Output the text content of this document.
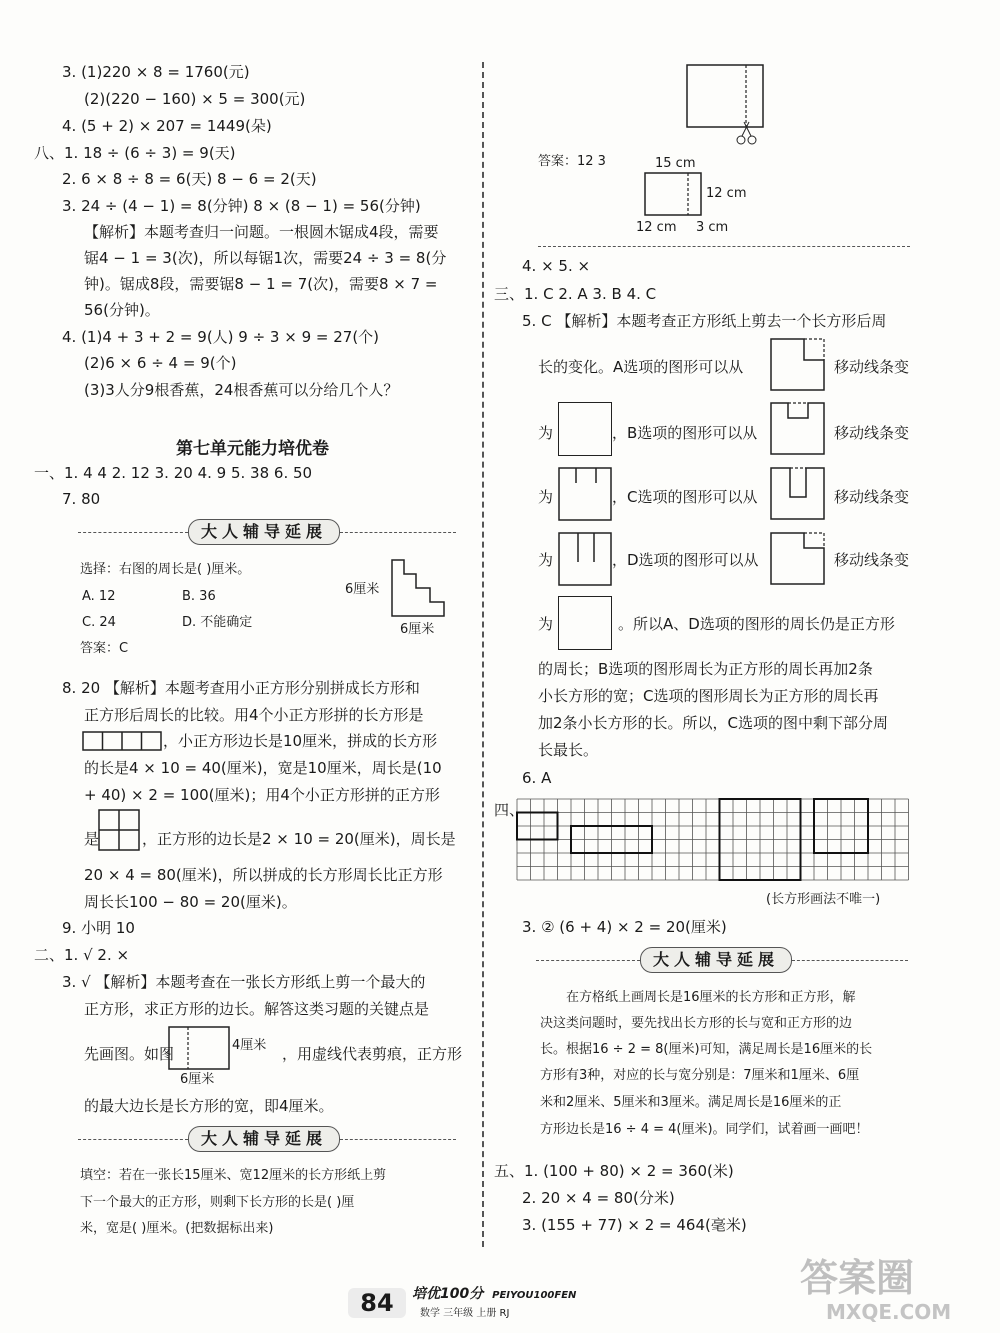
3. (1)220 × 8 = 1760(元)
(2)(220 − 160) × 5 = 300(元)
4. (5 + 2) × 207 = 1449(朵)
八、1. 18 ÷ (6 ÷ 3) = 9(天)
2. 6 × 8 ÷ 8 = 6(天) 8 − 6 = 2(天)
3. 24 ÷ (4 − 1) = 8(分钟) 8 × (8 − 1) = 56(分钟)
【解析】本题考查归一问题。一根圆木锯成4段，需要
锯4 − 1 = 3(次)，所以每锯1次，需要24 ÷ 3 = 8(分
钟)。锯成8段，需要锯8 − 1 = 7(次)，需要8 × 7 =
56(分钟)。
4. (1)4 + 3 + 2 = 9(人) 9 ÷ 3 × 9 = 27(个)
(2)6 × 6 ÷ 4 = 9(个)
(3)3人分9根香蕉，24根香蕉可以分给几个人？
第七单元能力培优卷
一、1. 4 4 2. 12 3. 20 4. 9 5. 38 6. 50
7. 80
大人辅导延展
选择：右图的周长是( )厘米。
A. 12	B. 36
C. 24	D. 不能确定
答案：C
6厘米
6厘米
8. 20 【解析】本题考查用小正方形分别拼成长方形和
正方形后周长的比较。用4个小正方形拼的长方形是
，小正方形边长是10厘米，拼成的长方形
的长是4 × 10 = 40(厘米)，宽是10厘米，周长是(10
+ 40) × 2 = 100(厘米)；用4个小正方形拼的正方形
是	，正方形的边长是2 × 10 = 20(厘米)，周长是
20 × 4 = 80(厘米)，所以拼成的长方形周长比正方形
周长长100 − 80 = 20(厘米)。
9. 小明 10
二、1. √ 2. ×
3. √ 【解析】本题考查在一张长方形纸上剪一个最大的
正方形，求正方形的边长。解答这类习题的关键点是
先画图。如图	4厘米
6厘米
，用虚线代表剪痕，正方形
的最大边长是长方形的宽，即4厘米。
大人辅导延展
填空：若在一张长15厘米、宽12厘米的长方形纸上剪
下一个最大的正方形，则剩下长方形的长是( )厘
米，宽是( )厘米。(把数据标出来)
答案：12 3	15 cm
12 cm
12 cm 3 cm
4. × 5. ×
三、1. C 2. A 3. B 4. C
5. C 【解析】本题考查正方形纸上剪去一个长方形后周
长的变化。A选项的图形可以从	移动线条变
为	，B选项的图形可以从	移动线条变
为	，C选项的图形可以从	移动线条变
为	，D选项的图形可以从	移动线条变
为	。所以A、D选项的图形的周长仍是正方形
的周长；B选项的图形周长为正方形的周长再加2条
小长方形的宽；C选项的图形周长为正方形的周长再
加2条小长方形的长。所以，C选项的图中剩下部分周
长最长。
6. A
四、
(长方形画法不唯一)
3. ② (6 + 4) × 2 = 20(厘米)
大人辅导延展
在方格纸上画周长是16厘米的长方形和正方形，解
决这类问题时，要先找出长方形的长与宽和正方形的边
长。根据16 ÷ 2 = 8(厘米)可知，满足周长是16厘米的长
方形有3种，对应的长与宽分别是：7厘米和1厘米、6厘
米和2厘米、5厘米和3厘米。满足周长是16厘米的正
方形边长是16 ÷ 4 = 4(厘米)。同学们，试着画一画吧！
五、1. (100 + 80) × 2 = 360(米)
2. 20 × 4 = 80(分米)
3. (155 + 77) × 2 = 464(毫米)
84	培优100分 PEIYOU100FEN
数学 三年级 上册 RJ
答案圈
MXQE.COM
